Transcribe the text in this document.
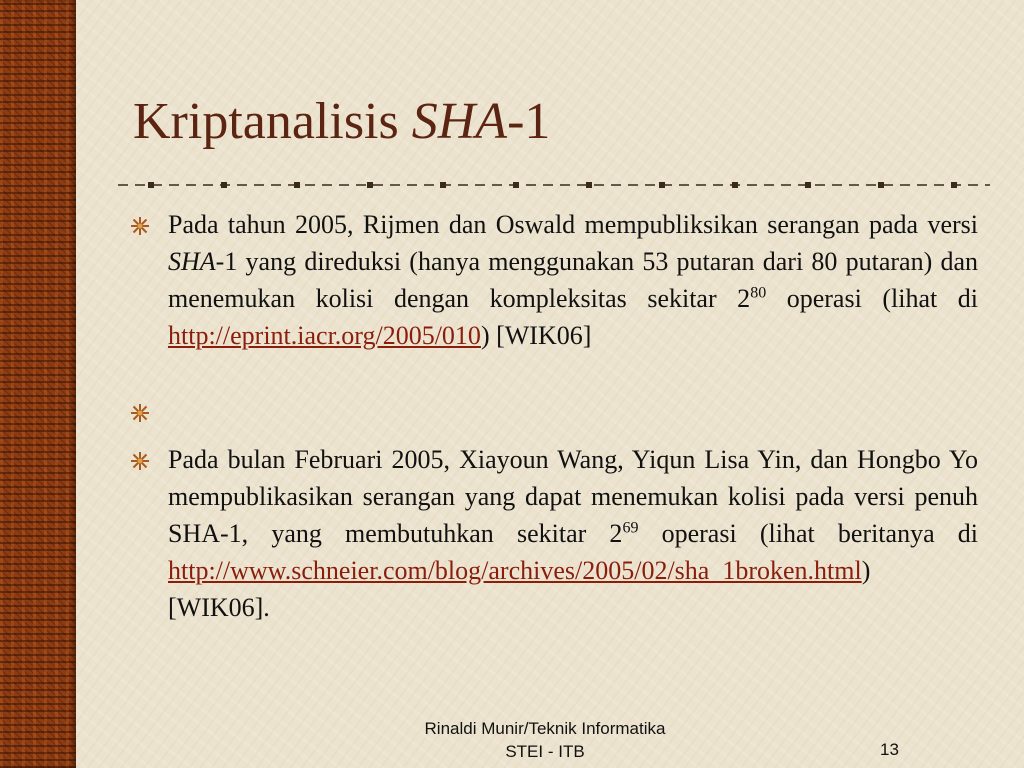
Kriptanalisis SHA-1
Pada tahun 2005, Rijmen dan Oswald mempubliksikan serangan pada versi SHA-1 yang direduksi (hanya menggunakan 53 putaran dari 80 putaran) dan menemukan kolisi dengan kompleksitas sekitar $2^{80}$ operasi (lihat di http://eprint.iacr.org/2005/010) [WIK06]
Pada bulan Februari 2005, Xiayoun Wang, Yiqun Lisa Yin, dan Hongbo Yo mempublikasikan serangan yang dapat menemukan kolisi pada versi penuh SHA-1, yang membutuhkan sekitar $2^{69}$ operasi (lihat beritanya di http://www.schneier.com/blog/archives/2005/02/sha_1broken.html) [WIK06].
Rinaldi Munir/Teknik Informatika
STEI - ITB	13
